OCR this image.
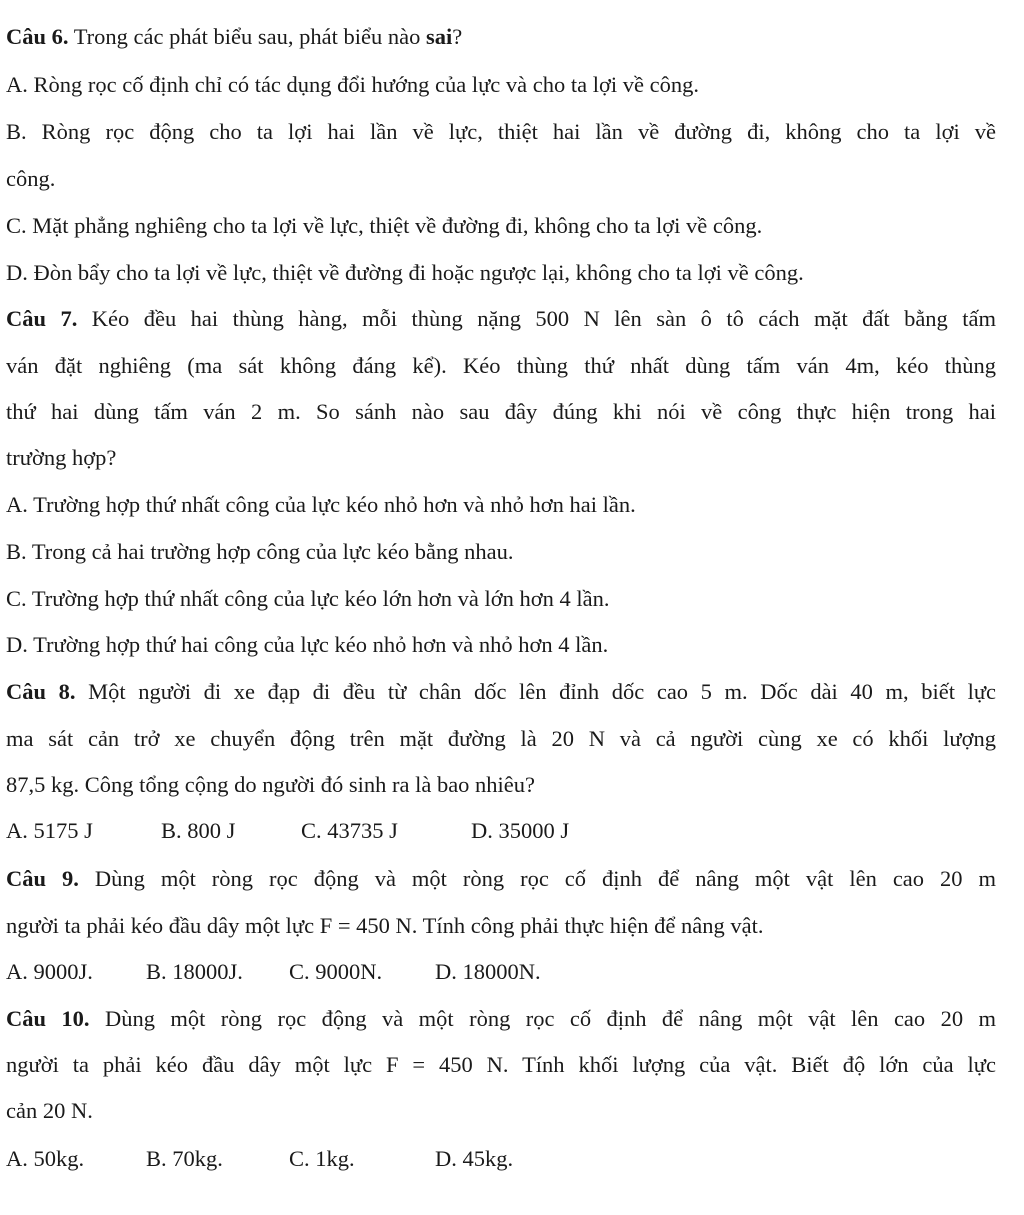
Câu 6. Trong các phát biểu sau, phát biểu nào sai?
A. Ròng rọc cố định chỉ có tác dụng đổi hướng của lực và cho ta lợi về công.
B. Ròng rọc động cho ta lợi hai lần về lực, thiệt hai lần về đường đi, không cho ta lợi về
công.
C. Mặt phẳng nghiêng cho ta lợi về lực, thiệt về đường đi, không cho ta lợi về công.
D. Đòn bẩy cho ta lợi về lực, thiệt về đường đi hoặc ngược lại, không cho ta lợi về công.
Câu 7. Kéo đều hai thùng hàng, mỗi thùng nặng 500 N lên sàn ô tô cách mặt đất bằng tấm
ván đặt nghiêng (ma sát không đáng kể). Kéo thùng thứ nhất dùng tấm ván 4m, kéo thùng
thứ hai dùng tấm ván 2 m. So sánh nào sau đây đúng khi nói về công thực hiện trong hai
trường hợp?
A. Trường hợp thứ nhất công của lực kéo nhỏ hơn và nhỏ hơn hai lần.
B. Trong cả hai trường hợp công của lực kéo bằng nhau.
C. Trường hợp thứ nhất công của lực kéo lớn hơn và lớn hơn 4 lần.
D. Trường hợp thứ hai công của lực kéo nhỏ hơn và nhỏ hơn 4 lần.
Câu 8. Một người đi xe đạp đi đều từ chân dốc lên đỉnh dốc cao 5 m. Dốc dài 40 m, biết lực
ma sát cản trở xe chuyển động trên mặt đường là 20 N và cả người cùng xe có khối lượng
87,5 kg. Công tổng cộng do người đó sinh ra là bao nhiêu?
A. 5175 J	B. 800 J	C. 43735 J	D. 35000 J
Câu 9. Dùng một ròng rọc động và một ròng rọc cố định để nâng một vật lên cao 20 m
người ta phải kéo đầu dây một lực F = 450 N. Tính công phải thực hiện để nâng vật.
A. 9000J. B. 18000J. C. 9000N. D. 18000N.
Câu 10. Dùng một ròng rọc động và một ròng rọc cố định để nâng một vật lên cao 20 m
người ta phải kéo đầu dây một lực F = 450 N. Tính khối lượng của vật. Biết độ lớn của lực
cản 20 N.
A. 50kg.	B. 70kg.	C. 1kg.	D. 45kg.
